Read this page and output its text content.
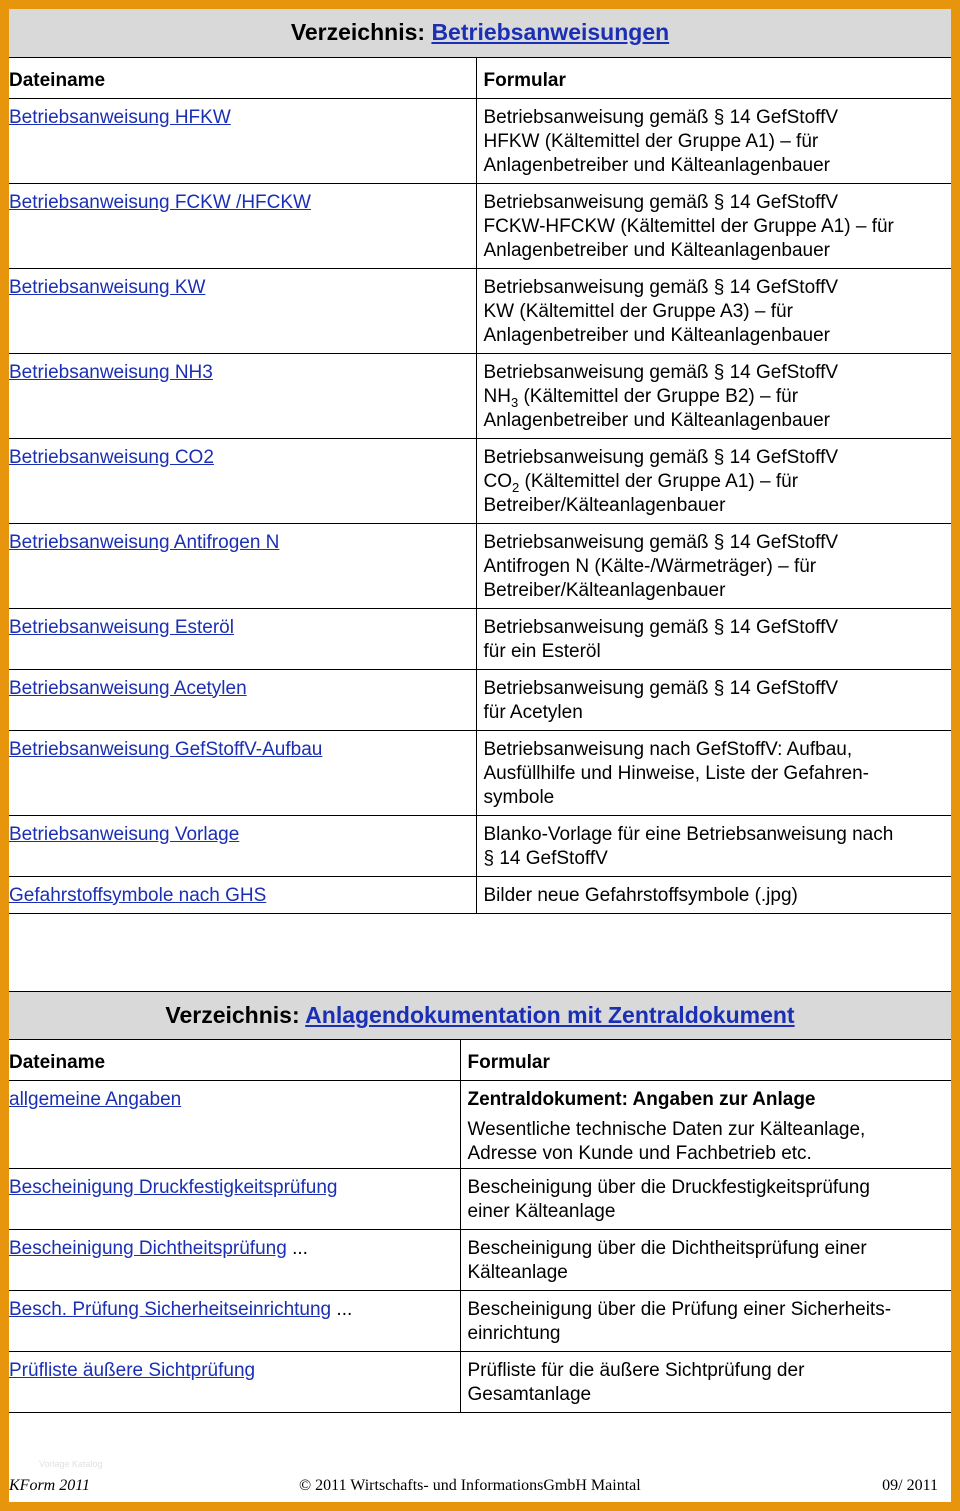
Verzeichnis: Betriebsanweisungen
Dateiname	Formular
Betriebsanweisung HFKW	Betriebsanweisung gemäß § 14 GefStoffV
HFKW (Kältemittel der Gruppe A1) – für
Anlagenbetreiber und Kälteanlagenbauer

Betriebsanweisung FCKW /HFCKW	Betriebsanweisung gemäß § 14 GefStoffV
FCKW-HFCKW (Kältemittel der Gruppe A1) – für
Anlagenbetreiber und Kälteanlagenbauer

Betriebsanweisung KW	Betriebsanweisung gemäß § 14 GefStoffV
KW (Kältemittel der Gruppe A3) – für
Anlagenbetreiber und Kälteanlagenbauer

Betriebsanweisung NH3	Betriebsanweisung gemäß § 14 GefStoffV
$NH_3$ (Kältemittel der Gruppe B2) – für
Anlagenbetreiber und Kälteanlagenbauer

Betriebsanweisung CO2	Betriebsanweisung gemäß § 14 GefStoffV
$CO_2$ (Kältemittel der Gruppe A1) – für
Betreiber/Kälteanlagenbauer

Betriebsanweisung Antifrogen N	Betriebsanweisung gemäß § 14 GefStoffV
Antifrogen N (Kälte-/Wärmeträger) – für
Betreiber/Kälteanlagenbauer

Betriebsanweisung Esteröl	Betriebsanweisung gemäß § 14 GefStoffV
für ein Esteröl

Betriebsanweisung Acetylen	Betriebsanweisung gemäß § 14 GefStoffV
für Acetylen

Betriebsanweisung GefStoffV-Aufbau	Betriebsanweisung nach GefStoffV: Aufbau,
Ausfüllhilfe und Hinweise, Liste der Gefahren-
symbole

Betriebsanweisung Vorlage	Blanko-Vorlage für eine Betriebsanweisung nach
§ 14 GefStoffV

Gefahrstoffsymbole nach GHS	Bilder neue Gefahrstoffsymbole (.jpg)
Verzeichnis: Anlagendokumentation mit Zentraldokument
Dateiname	Formular
allgemeine Angaben	Zentraldokument: Angaben zur Anlage
Wesentliche technische Daten zur Kälteanlage,
Adresse von Kunde und Fachbetrieb etc.

Bescheinigung Druckfestigkeitsprüfung	Bescheinigung über die Druckfestigkeitsprüfung
einer Kälteanlage

Bescheinigung Dichtheitsprüfung ...	Bescheinigung über die Dichtheitsprüfung einer
Kälteanlage

Besch. Prüfung Sicherheitseinrichtung ...	Bescheinigung über die Prüfung einer Sicherheits-
einrichtung

Prüfliste äußere Sichtprüfung	Prüfliste für die äußere Sichtprüfung der
Gesamtanlage
Vorlage Katalog
KForm 2011	© 2011 Wirtschafts- und InformationsGmbH Maintal	09/ 2011
